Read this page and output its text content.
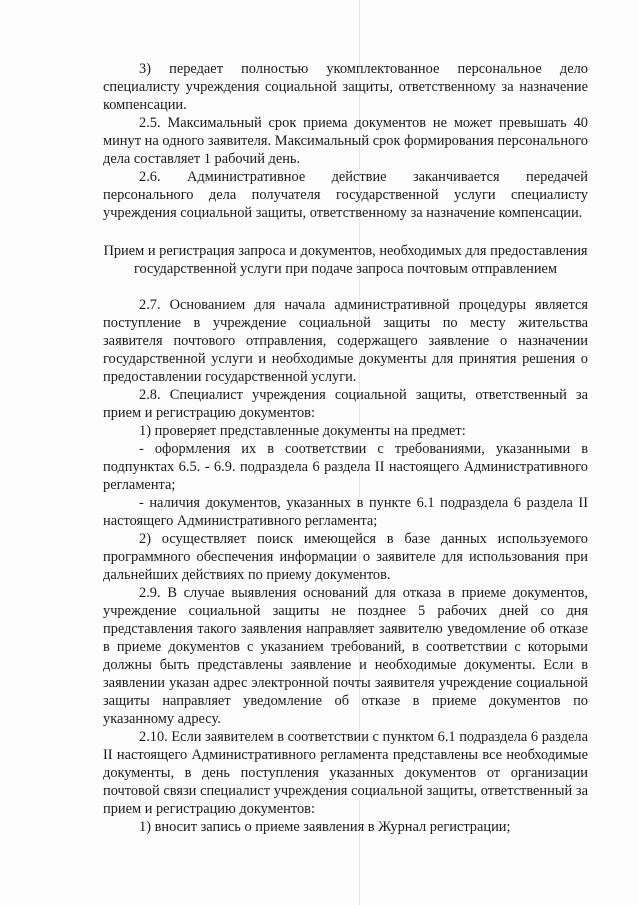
3) передает полностью укомплектованное персональное дело специалисту учреждения социальной защиты, ответственному за назначение компенсации.

2.5. Максимальный срок приема документов не может превышать 40 минут на одного заявителя. Максимальный срок формирования персонального дела составляет 1 рабочий день.

2.6. Административное действие заканчивается передачей персонального дела получателя государственной услуги специалисту учреждения социальной защиты, ответственному за назначение компенсации.

Прием и регистрация запроса и документов, необходимых для предоставления государственной услуги при подаче запроса почтовым отправлением

2.7. Основанием для начала административной процедуры является поступление в учреждение социальной защиты по месту жительства заявителя почтового отправления, содержащего заявление о назначении государственной услуги и необходимые документы для принятия решения о предоставлении государственной услуги.

2.8. Специалист учреждения социальной защиты, ответственный за прием и регистрацию документов:

1) проверяет представленные документы на предмет:

- оформления их в соответствии с требованиями, указанными в подпунктах 6.5. - 6.9. подраздела 6 раздела II настоящего Административного регламента;

- наличия документов, указанных в пункте 6.1 подраздела 6 раздела II настоящего Административного регламента;

2) осуществляет поиск имеющейся в базе данных используемого программного обеспечения информации о заявителе для использования при дальнейших действиях по приему документов.

2.9. В случае выявления оснований для отказа в приеме документов, учреждение социальной защиты не позднее 5 рабочих дней со дня представления такого заявления направляет заявителю уведомление об отказе в приеме документов с указанием требований, в соответствии с которыми должны быть представлены заявление и необходимые документы. Если в заявлении указан адрес электронной почты заявителя учреждение социальной защиты направляет уведомление об отказе в приеме документов по указанному адресу.

2.10. Если заявителем в соответствии с пунктом 6.1 подраздела 6 раздела II настоящего Административного регламента представлены все необходимые документы, в день поступления указанных документов от организации почтовой связи специалист учреждения социальной защиты, ответственный за прием и регистрацию документов:

1) вносит запись о приеме заявления в Журнал регистрации;
